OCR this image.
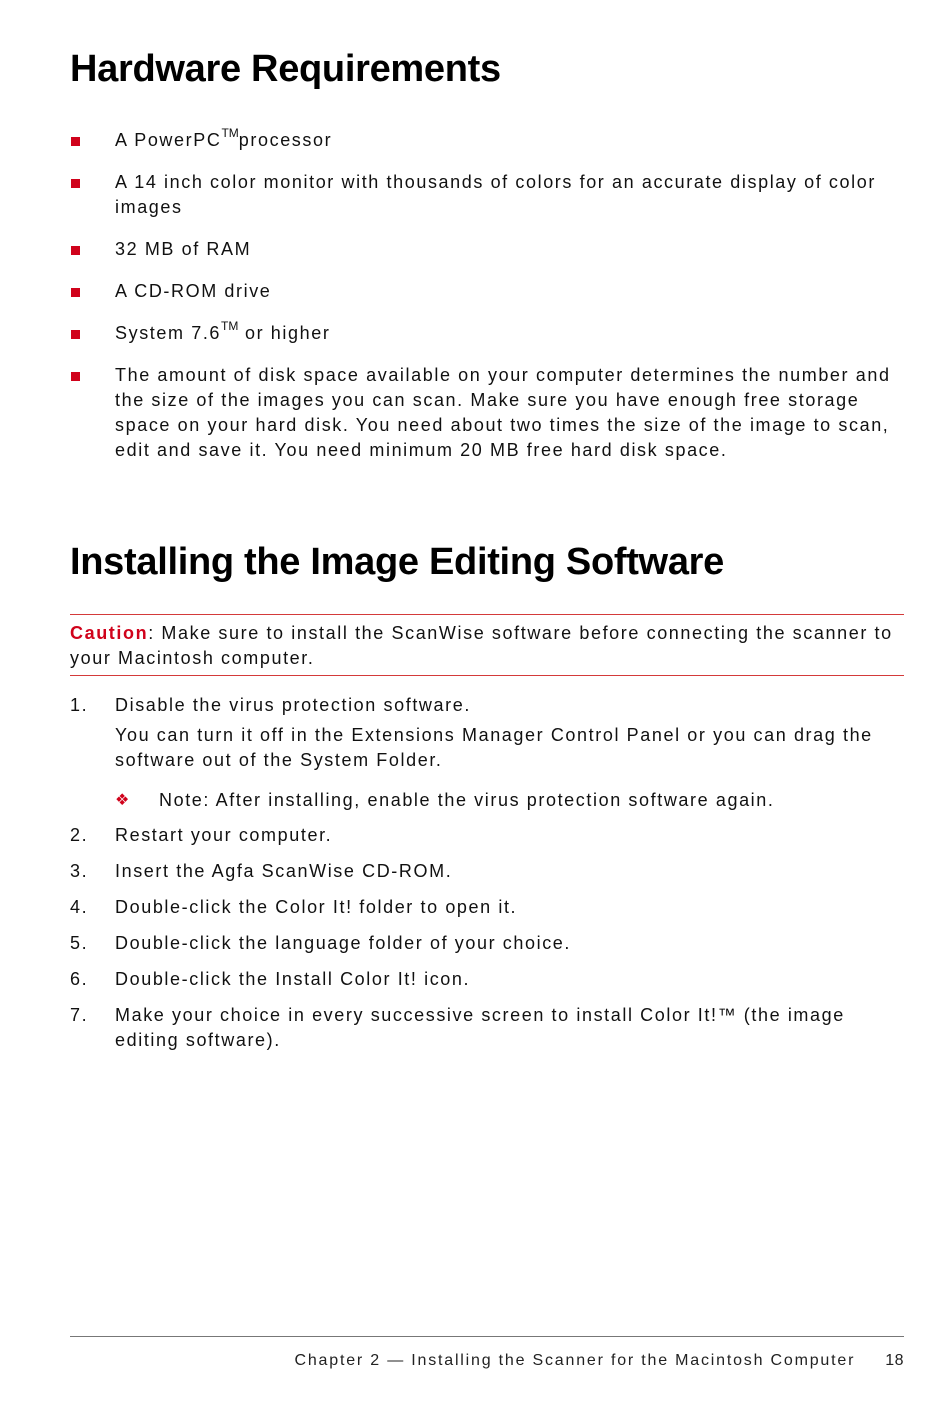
Hardware Requirements
A PowerPC™processor
A 14 inch color monitor with thousands of colors for an accurate display of color images
32 MB of RAM
A CD-ROM drive
System 7.6™ or higher
The amount of disk space available on your computer determines the number and the size of the images you can scan. Make sure you have enough free storage space on your hard disk. You need about two times the size of the image to scan, edit and save it. You need minimum 20 MB free hard disk space.
Installing the Image Editing Software
Caution: Make sure to install the ScanWise software before connecting the scanner to your Macintosh computer.
1. Disable the virus protection software.
You can turn it off in the Extensions Manager Control Panel or you can drag the software out of the System Folder.
❖ Note: After installing, enable the virus protection software again.
2. Restart your computer.
3. Insert the Agfa ScanWise CD-ROM.
4. Double-click the Color It! folder to open it.
5. Double-click the language folder of your choice.
6. Double-click the Install Color It! icon.
7. Make your choice in every successive screen to install Color It!™ (the image editing software).
Chapter 2 — Installing the Scanner for the Macintosh Computer 18
